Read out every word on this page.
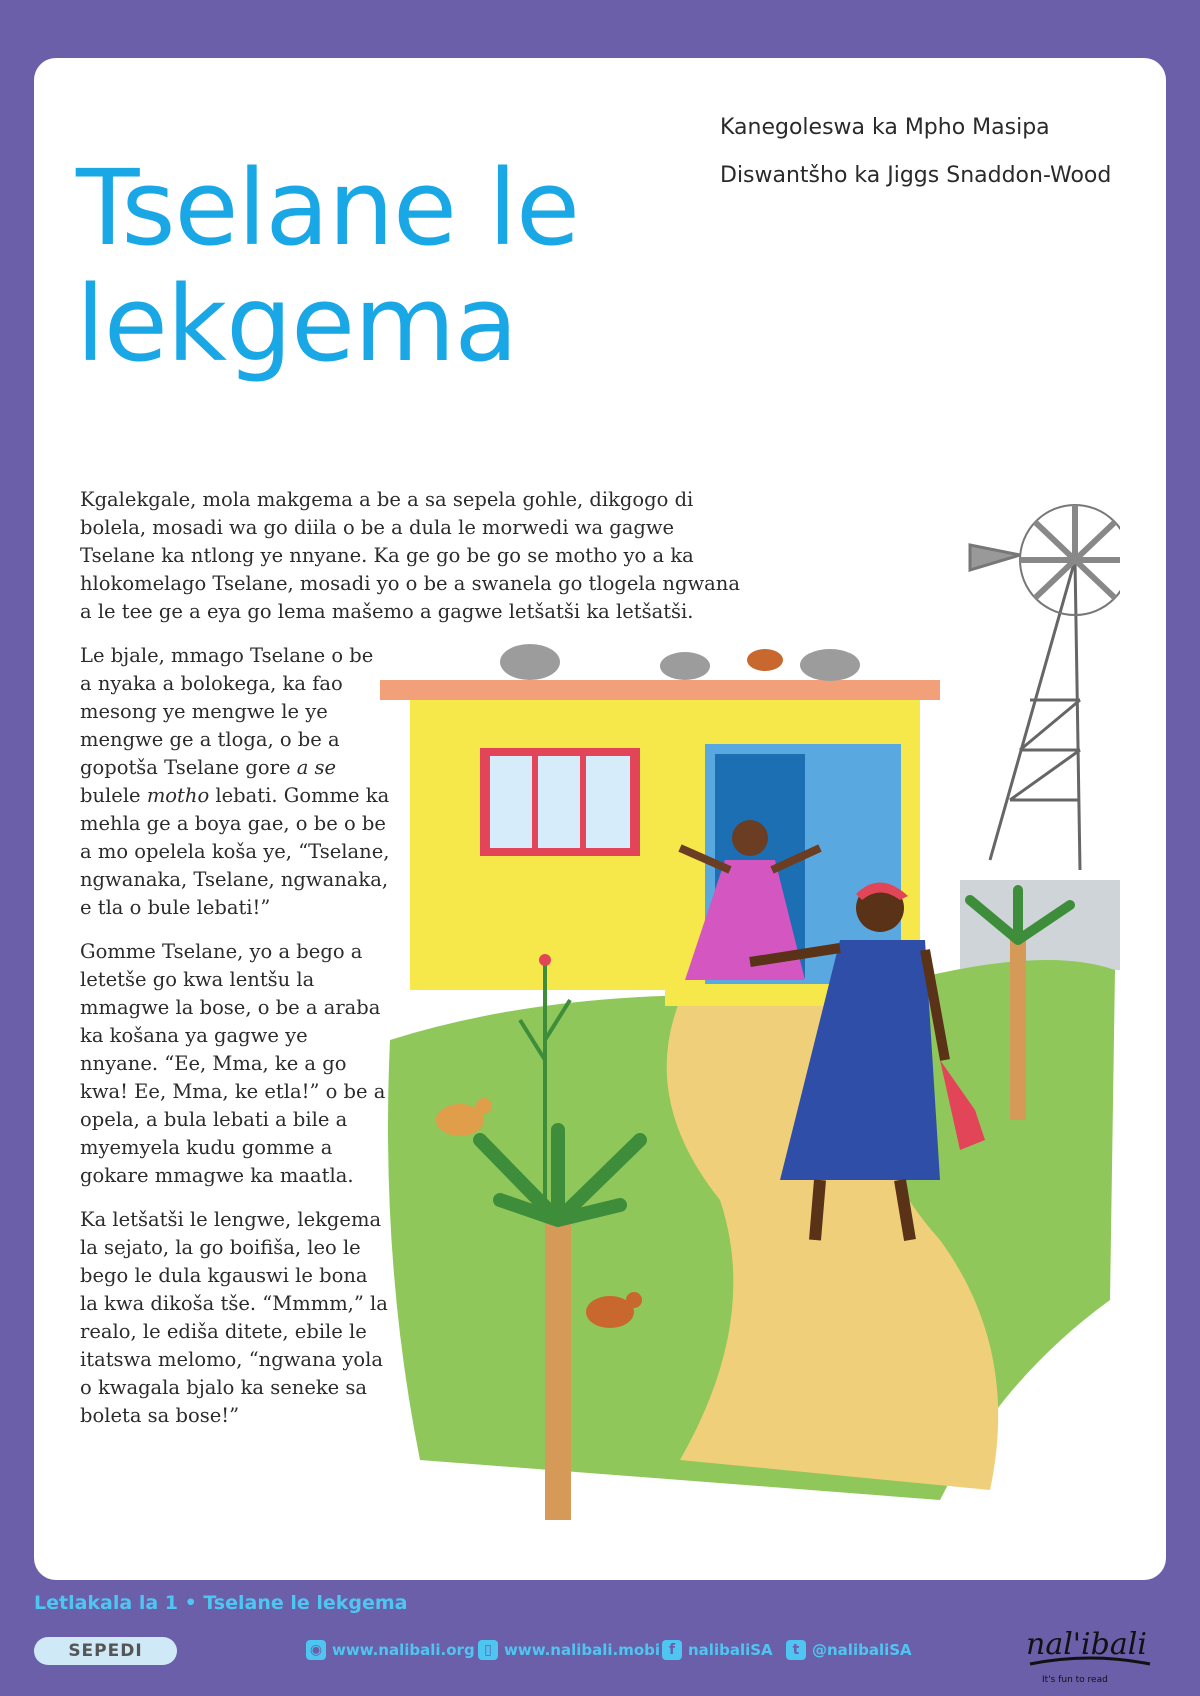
Kanegoleswa ka Mpho Masipa
Diswantšho ka Jiggs Snaddon-Wood
Tselane le
lekgema

Kgalekgale, mola makgema a be a sa sepela gohle, dikgogo di bolela, mosadi wa go diila o be a dula le morwedi wa gagwe Tselane ka ntlong ye nnyane. Ka ge go be go se motho yo a ka hlokomelago Tselane, mosadi yo o be a swanela go tlogela ngwana a le tee ge a eya go lema mašemo a gagwe letšatši ka letšatši.

Le bjale, mmago Tselane o be a nyaka a bolokega, ka fao mesong ye mengwe le ye mengwe ge a tloga, o be a gopotša Tselane gore a se bulele motho lebati. Gomme ka mehla ge a boya gae, o be o be a mo opelela koša ye, “Tselane, ngwanaka, Tselane, ngwanaka, e tla o bule lebati!”

Gomme Tselane, yo a bego a letetše go kwa lentšu la mmagwe la bose, o be a araba ka košana ya gagwe ye nnyane. “Ee, Mma, ke a go kwa! Ee, Mma, ke etla!” o be a opela, a bula lebati a bile a myemyela kudu gomme a gokare mmagwe ka maatla.

Ka letšatši le lengwe, lekgema la sejato, la go boifiša, leo le bego le dula kgauswi le bona la kwa dikoša tše. “Mmmm,” la realo, le ediša ditete, ebile le itatswa melomo, “ngwana yola o kwagala bjalo ka seneke sa boleta sa bose!”

Letlakala la 1 • Tselane le lekgema
SEPEDI	◉ www.nalibali.org ▯ www.nalibali.mobi f nalibaliSA	t @nalibaliSA	nal'ibali
It's fun to read
